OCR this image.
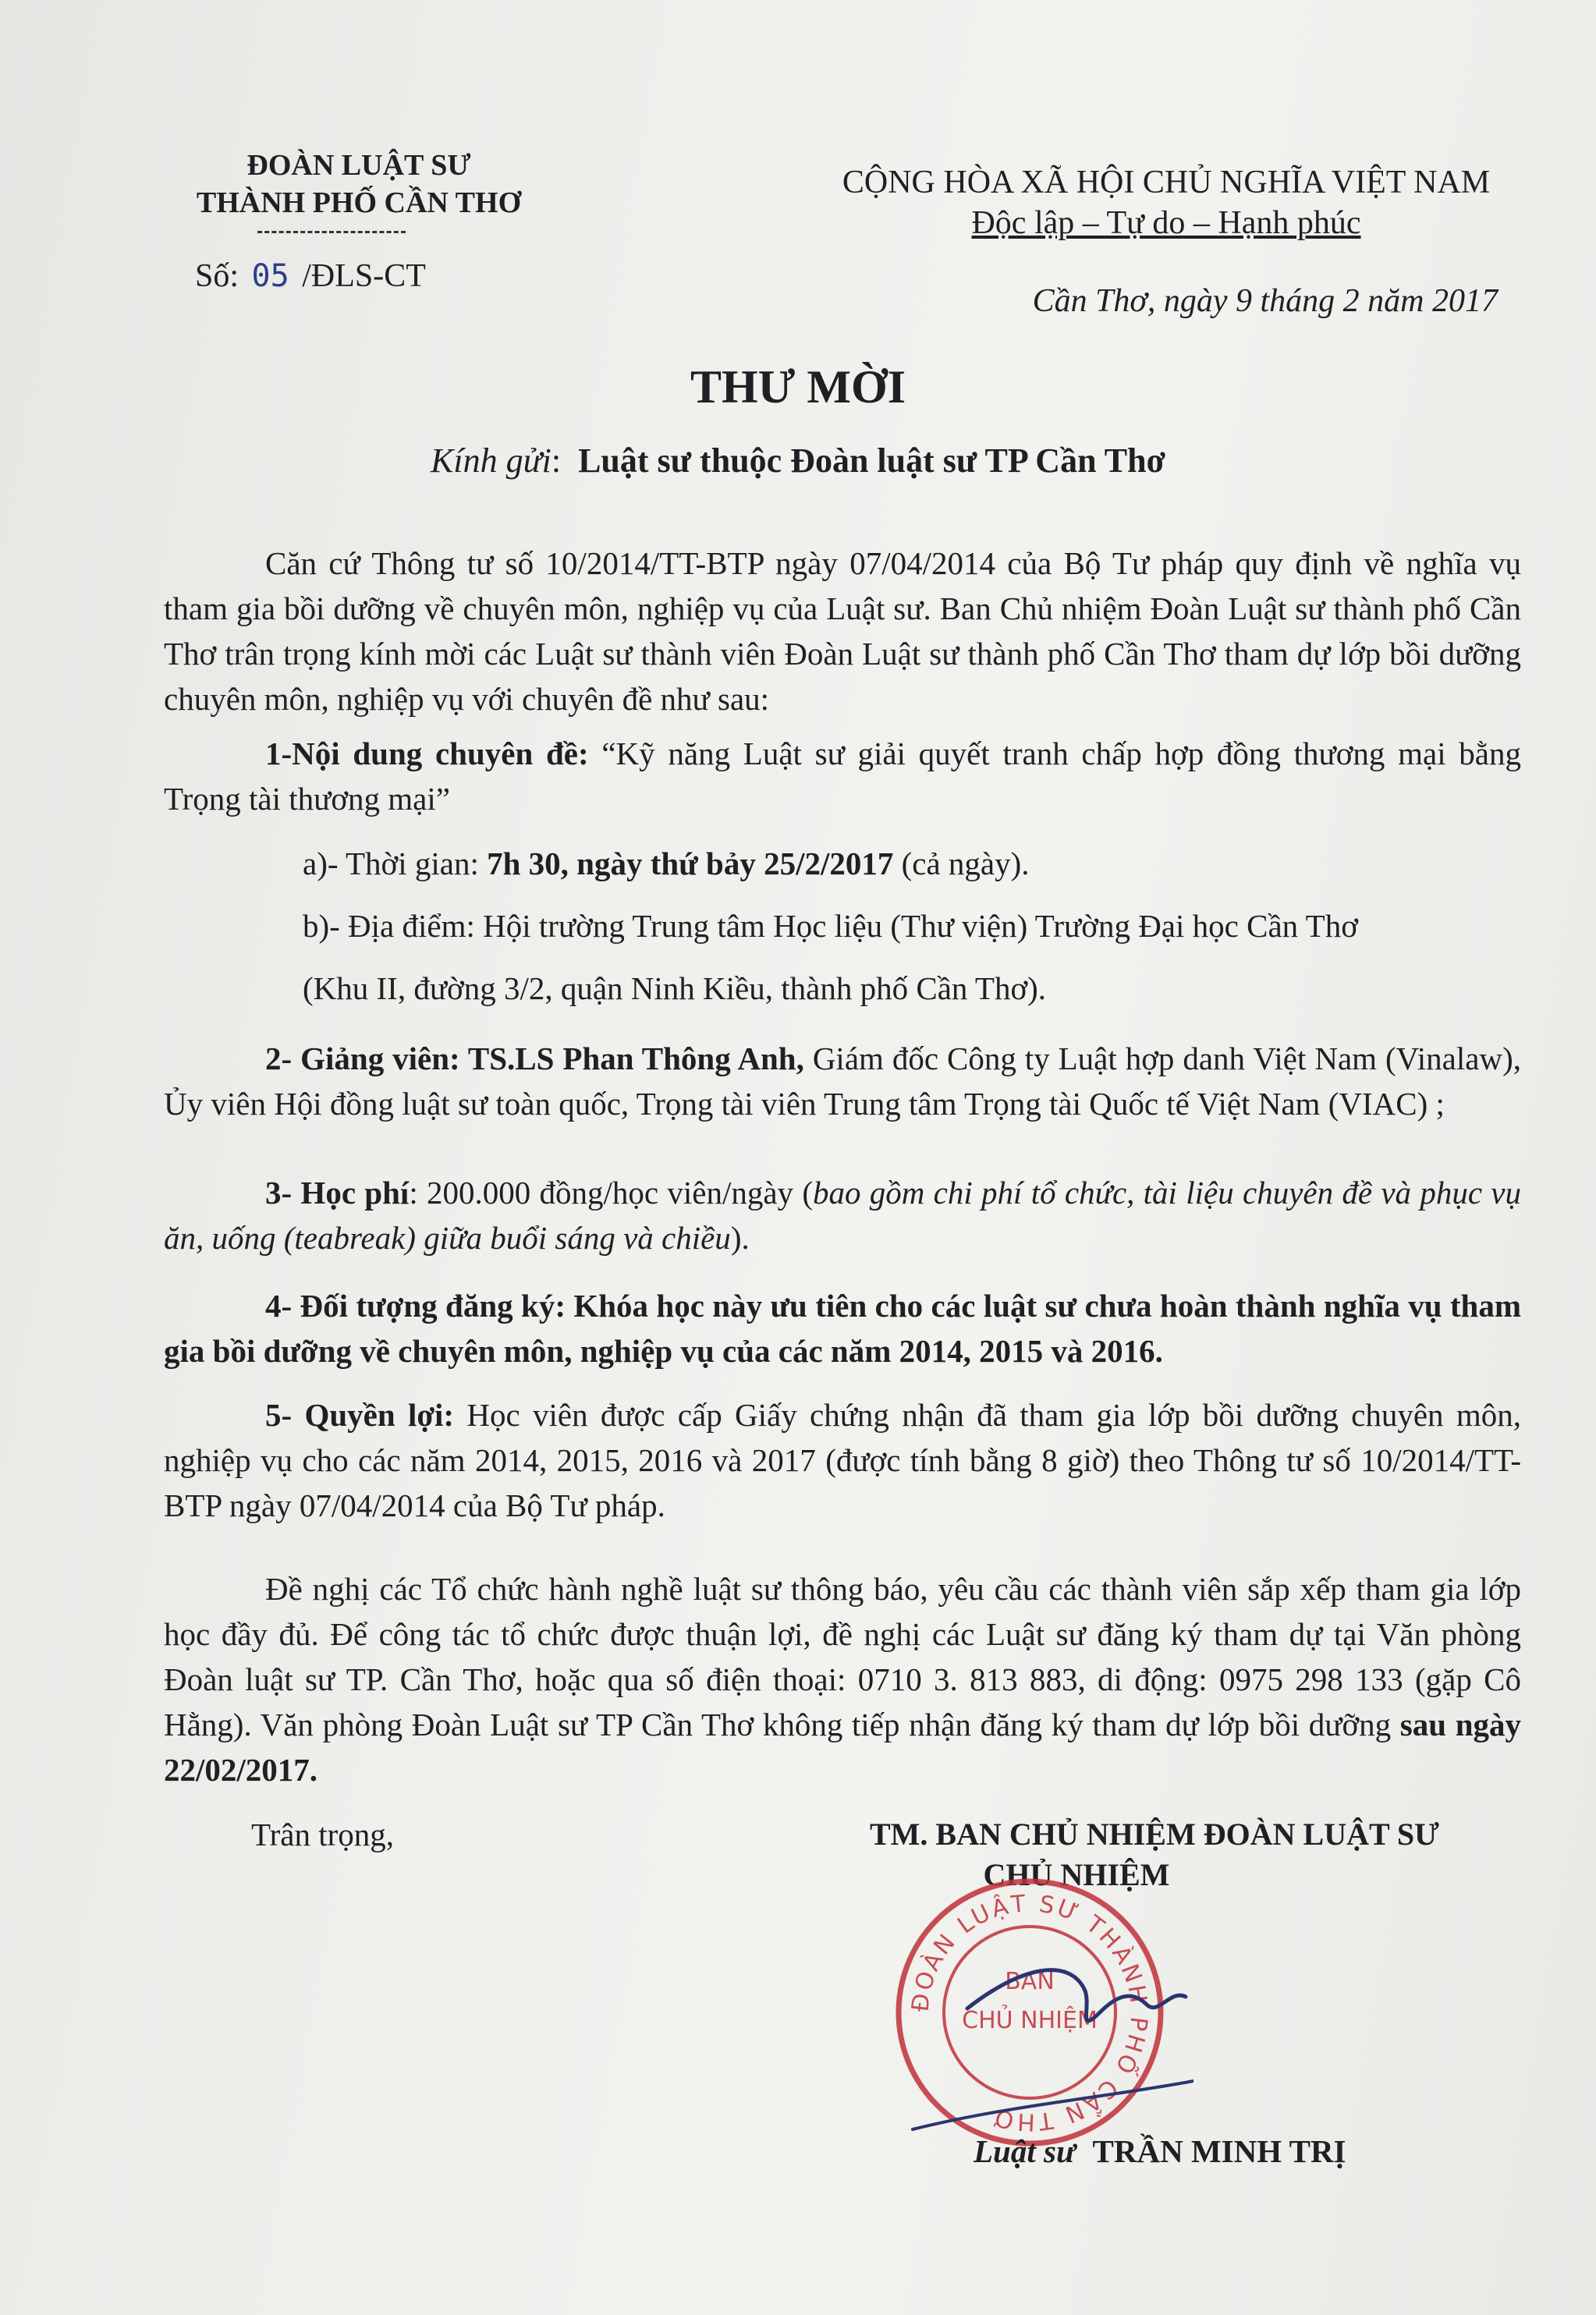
ĐOÀN LUẬT SƯ
THÀNH PHỐ CẦN THƠ
Số: 05 /ĐLS-CT
CỘNG HÒA XÃ HỘI CHỦ NGHĨA VIỆT NAM
Độc lập – Tự do – Hạnh phúc
Cần Thơ, ngày 9 tháng 2 năm 2017
THƯ MỜI
Kính gửi:  Luật sư thuộc Đoàn luật sư TP Cần Thơ
Căn cứ Thông tư số 10/2014/TT-BTP ngày 07/04/2014 của Bộ Tư pháp quy định về nghĩa vụ tham gia bồi dưỡng về chuyên môn, nghiệp vụ của Luật sư. Ban Chủ nhiệm Đoàn Luật sư thành phố Cần Thơ trân trọng kính mời các Luật sư thành viên Đoàn Luật sư thành phố Cần Thơ tham dự lớp bồi dưỡng chuyên môn, nghiệp vụ với chuyên đề như sau:
1-Nội dung chuyên đề: “Kỹ năng Luật sư giải quyết tranh chấp hợp đồng thương mại bằng Trọng tài thương mại”
a)- Thời gian: 7h 30, ngày thứ bảy 25/2/2017 (cả ngày).
b)- Địa điểm: Hội trường Trung tâm Học liệu (Thư viện) Trường Đại học Cần Thơ
(Khu II, đường 3/2, quận Ninh Kiều, thành phố Cần Thơ).
2- Giảng viên: TS.LS Phan Thông Anh, Giám đốc Công ty Luật hợp danh Việt Nam (Vinalaw), Ủy viên Hội đồng luật sư toàn quốc, Trọng tài viên Trung tâm Trọng tài Quốc tế Việt Nam (VIAC) ;
3- Học phí: 200.000 đồng/học viên/ngày (bao gồm chi phí tổ chức, tài liệu chuyên đề và phục vụ ăn, uống (teabreak) giữa buổi sáng và chiều).
4- Đối tượng đăng ký: Khóa học này ưu tiên cho các luật sư chưa hoàn thành nghĩa vụ tham gia bồi dưỡng về chuyên môn, nghiệp vụ của các năm 2014, 2015 và 2016.
5- Quyền lợi: Học viên được cấp Giấy chứng nhận đã tham gia lớp bồi dưỡng chuyên môn, nghiệp vụ cho các năm 2014, 2015, 2016 và 2017 (được tính bằng 8 giờ) theo Thông tư số 10/2014/TT-BTP ngày 07/04/2014 của Bộ Tư pháp.
Đề nghị các Tổ chức hành nghề luật sư thông báo, yêu cầu các thành viên sắp xếp tham gia lớp học đầy đủ. Để công tác tổ chức được thuận lợi, đề nghị các Luật sư đăng ký tham dự tại Văn phòng Đoàn luật sư TP. Cần Thơ, hoặc qua số điện thoại: 0710 3. 813 883, di động: 0975 298 133 (gặp Cô Hằng). Văn phòng Đoàn Luật sư TP Cần Thơ không tiếp nhận đăng ký tham dự lớp bồi dưỡng sau ngày 22/02/2017.
Trân trọng,	TM. BAN CHỦ NHIỆM ĐOÀN LUẬT SƯ
CHỦ NHIỆM
ĐOÀN LUẬT SƯ THÀNH PHỐ CẦN THƠ
BAN
CHỦ NHIỆM
Luật sư TRẦN MINH TRỊ
